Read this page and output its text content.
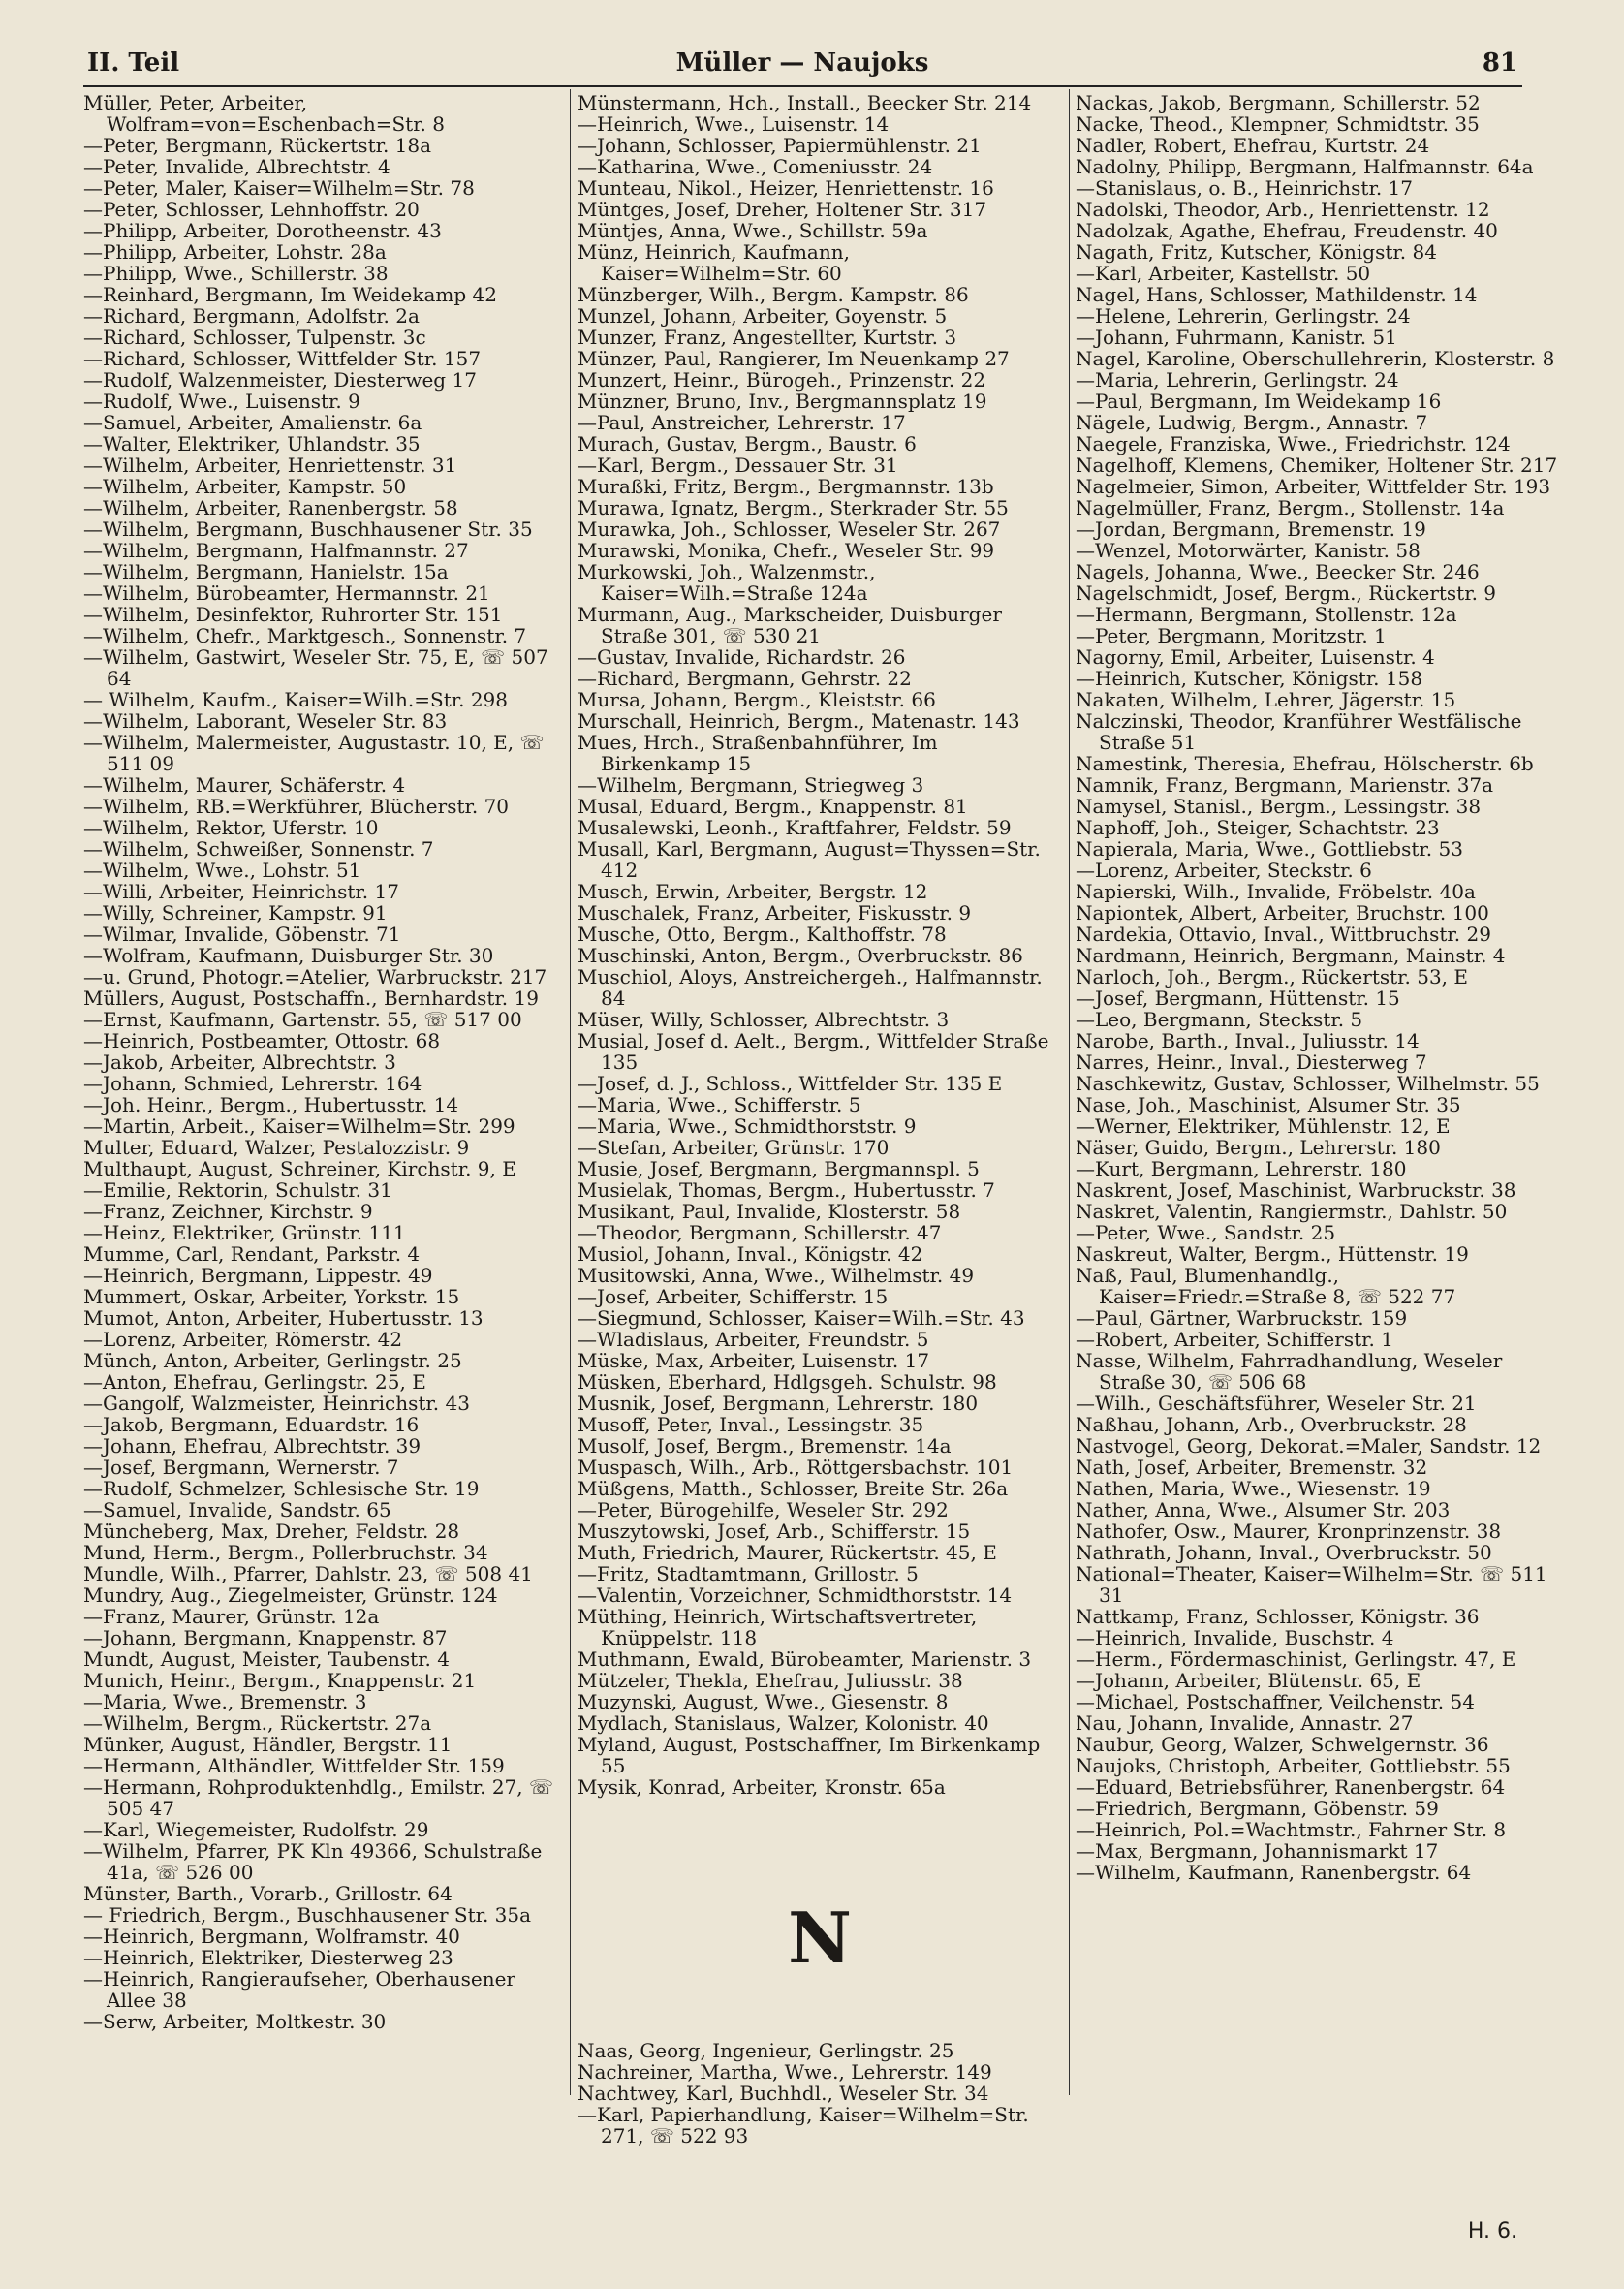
II. Teil	Müller — Naujoks	81

Müller, Peter, Arbeiter, Wolfram=von=Eschenbach=Str. 8

—Peter, Bergmann, Rückertstr. 18a

—Peter, Invalide, Albrechtstr. 4

—Peter, Maler, Kaiser=Wilhelm=Str. 78

—Peter, Schlosser, Lehnhoffstr. 20

—Philipp, Arbeiter, Dorotheenstr. 43

—Philipp, Arbeiter, Lohstr. 28a

—Philipp, Wwe., Schillerstr. 38

—Reinhard, Bergmann, Im Weidekamp 42

—Richard, Bergmann, Adolfstr. 2a

—Richard, Schlosser, Tulpenstr. 3c

—Richard, Schlosser, Wittfelder Str. 157

—Rudolf, Walzenmeister, Diesterweg 17

—Rudolf, Wwe., Luisenstr. 9

—Samuel, Arbeiter, Amalienstr. 6a

—Walter, Elektriker, Uhlandstr. 35

—Wilhelm, Arbeiter, Henriettenstr. 31

—Wilhelm, Arbeiter, Kampstr. 50

—Wilhelm, Arbeiter, Ranenbergstr. 58

—Wilhelm, Bergmann, Buschhausener Str. 35

—Wilhelm, Bergmann, Halfmannstr. 27

—Wilhelm, Bergmann, Hanielstr. 15a

—Wilhelm, Bürobeamter, Hermannstr. 21

—Wilhelm, Desinfektor, Ruhrorter Str. 151

—Wilhelm, Chefr., Marktgesch., Sonnenstr. 7

—Wilhelm, Gastwirt, Weseler Str. 75, E, ☏ 507 64

— Wilhelm, Kaufm., Kaiser=Wilh.=Str. 298

—Wilhelm, Laborant, Weseler Str. 83

—Wilhelm, Malermeister, Augustastr. 10, E, ☏ 511 09

—Wilhelm, Maurer, Schäferstr. 4

—Wilhelm, RB.=Werkführer, Blücherstr. 70

—Wilhelm, Rektor, Uferstr. 10

—Wilhelm, Schweißer, Sonnenstr. 7

—Wilhelm, Wwe., Lohstr. 51

—Willi, Arbeiter, Heinrichstr. 17

—Willy, Schreiner, Kampstr. 91

—Wilmar, Invalide, Göbenstr. 71

—Wolfram, Kaufmann, Duisburger Str. 30

—u. Grund, Photogr.=Atelier, Warbruckstr. 217

Müllers, August, Postschaffn., Bernhardstr. 19

—Ernst, Kaufmann, Gartenstr. 55, ☏ 517 00

—Heinrich, Postbeamter, Ottostr. 68

—Jakob, Arbeiter, Albrechtstr. 3

—Johann, Schmied, Lehrerstr. 164

—Joh. Heinr., Bergm., Hubertusstr. 14

—Martin, Arbeit., Kaiser=Wilhelm=Str. 299

Multer, Eduard, Walzer, Pestalozzistr. 9

Multhaupt, August, Schreiner, Kirchstr. 9, E

—Emilie, Rektorin, Schulstr. 31

—Franz, Zeichner, Kirchstr. 9

—Heinz, Elektriker, Grünstr. 111

Mumme, Carl, Rendant, Parkstr. 4

—Heinrich, Bergmann, Lippestr. 49

Mummert, Oskar, Arbeiter, Yorkstr. 15

Mumot, Anton, Arbeiter, Hubertusstr. 13

—Lorenz, Arbeiter, Römerstr. 42

Münch, Anton, Arbeiter, Gerlingstr. 25

—Anton, Ehefrau, Gerlingstr. 25, E

—Gangolf, Walzmeister, Heinrichstr. 43

—Jakob, Bergmann, Eduardstr. 16

—Johann, Ehefrau, Albrechtstr. 39

—Josef, Bergmann, Wernerstr. 7

—Rudolf, Schmelzer, Schlesische Str. 19

—Samuel, Invalide, Sandstr. 65

Müncheberg, Max, Dreher, Feldstr. 28

Mund, Herm., Bergm., Pollerbruchstr. 34

Mundle, Wilh., Pfarrer, Dahlstr. 23, ☏ 508 41

Mundry, Aug., Ziegelmeister, Grünstr. 124

—Franz, Maurer, Grünstr. 12a

—Johann, Bergmann, Knappenstr. 87

Mundt, August, Meister, Taubenstr. 4

Munich, Heinr., Bergm., Knappenstr. 21

—Maria, Wwe., Bremenstr. 3

—Wilhelm, Bergm., Rückertstr. 27a

Münker, August, Händler, Bergstr. 11

—Hermann, Althändler, Wittfelder Str. 159

—Hermann, Rohproduktenhdlg., Emilstr. 27, ☏ 505 47

—Karl, Wiegemeister, Rudolfstr. 29

—Wilhelm, Pfarrer, PK Kln 49366, Schulstraße 41a, ☏ 526 00

Münster, Barth., Vorarb., Grillostr. 64

— Friedrich, Bergm., Buschhausener Str. 35a

—Heinrich, Bergmann, Wolframstr. 40

—Heinrich, Elektriker, Diesterweg 23

—Heinrich, Rangieraufseher, Oberhausener Allee 38

—Serw, Arbeiter, Moltkestr. 30

Münstermann, Hch., Install., Beecker Str. 214

—Heinrich, Wwe., Luisenstr. 14

—Johann, Schlosser, Papiermühlenstr. 21

—Katharina, Wwe., Comeniusstr. 24

Munteau, Nikol., Heizer, Henriettenstr. 16

Müntges, Josef, Dreher, Holtener Str. 317

Müntjes, Anna, Wwe., Schillstr. 59a

Münz, Heinrich, Kaufmann, Kaiser=Wilhelm=Str. 60

Münzberger, Wilh., Bergm. Kampstr. 86

Munzel, Johann, Arbeiter, Goyenstr. 5

Munzer, Franz, Angestellter, Kurtstr. 3

Münzer, Paul, Rangierer, Im Neuenkamp 27

Munzert, Heinr., Bürogeh., Prinzenstr. 22

Münzner, Bruno, Inv., Bergmannsplatz 19

—Paul, Anstreicher, Lehrerstr. 17

Murach, Gustav, Bergm., Baustr. 6

—Karl, Bergm., Dessauer Str. 31

Muraßki, Fritz, Bergm., Bergmannstr. 13b

Murawa, Ignatz, Bergm., Sterkrader Str. 55

Murawka, Joh., Schlosser, Weseler Str. 267

Murawski, Monika, Chefr., Weseler Str. 99

Murkowski, Joh., Walzenmstr., Kaiser=Wilh.=Straße 124a

Murmann, Aug., Markscheider, Duisburger Straße 301, ☏ 530 21

—Gustav, Invalide, Richardstr. 26

—Richard, Bergmann, Gehrstr. 22

Mursa, Johann, Bergm., Kleiststr. 66

Murschall, Heinrich, Bergm., Matenastr. 143

Mues, Hrch., Straßenbahnführer, Im Birkenkamp 15

—Wilhelm, Bergmann, Striegweg 3

Musal, Eduard, Bergm., Knappenstr. 81

Musalewski, Leonh., Kraftfahrer, Feldstr. 59

Musall, Karl, Bergmann, August=Thyssen=Str. 412

Musch, Erwin, Arbeiter, Bergstr. 12

Muschalek, Franz, Arbeiter, Fiskusstr. 9

Musche, Otto, Bergm., Kalthoffstr. 78

Muschinski, Anton, Bergm., Overbruckstr. 86

Muschiol, Aloys, Anstreichergeh., Halfmannstr. 84

Müser, Willy, Schlosser, Albrechtstr. 3

Musial, Josef d. Aelt., Bergm., Wittfelder Straße 135

—Josef, d. J., Schloss., Wittfelder Str. 135 E

—Maria, Wwe., Schifferstr. 5

—Maria, Wwe., Schmidthorststr. 9

—Stefan, Arbeiter, Grünstr. 170

Musie, Josef, Bergmann, Bergmannspl. 5

Musielak, Thomas, Bergm., Hubertusstr. 7

Musikant, Paul, Invalide, Klosterstr. 58

—Theodor, Bergmann, Schillerstr. 47

Musiol, Johann, Inval., Königstr. 42

Musitowski, Anna, Wwe., Wilhelmstr. 49

—Josef, Arbeiter, Schifferstr. 15

—Siegmund, Schlosser, Kaiser=Wilh.=Str. 43

—Wladislaus, Arbeiter, Freundstr. 5

Müske, Max, Arbeiter, Luisenstr. 17

Müsken, Eberhard, Hdlgsgeh. Schulstr. 98

Musnik, Josef, Bergmann, Lehrerstr. 180

Musoff, Peter, Inval., Lessingstr. 35

Musolf, Josef, Bergm., Bremenstr. 14a

Muspasch, Wilh., Arb., Röttgersbachstr. 101

Müßgens, Matth., Schlosser, Breite Str. 26a

—Peter, Bürogehilfe, Weseler Str. 292

Muszytowski, Josef, Arb., Schifferstr. 15

Muth, Friedrich, Maurer, Rückertstr. 45, E

—Fritz, Stadtamtmann, Grillostr. 5

—Valentin, Vorzeichner, Schmidthorststr. 14

Müthing, Heinrich, Wirtschaftsvertreter, Knüppelstr. 118

Muthmann, Ewald, Bürobeamter, Marienstr. 3

Mützeler, Thekla, Ehefrau, Juliusstr. 38

Muzynski, August, Wwe., Giesenstr. 8

Mydlach, Stanislaus, Walzer, Kolonistr. 40

Myland, August, Postschaffner, Im Birkenkamp 55

Mysik, Konrad, Arbeiter, Kronstr. 65a

N

Naas, Georg, Ingenieur, Gerlingstr. 25

Nachreiner, Martha, Wwe., Lehrerstr. 149

Nachtwey, Karl, Buchhdl., Weseler Str. 34

—Karl, Papierhandlung, Kaiser=Wilhelm=Str. 271, ☏ 522 93

Nackas, Jakob, Bergmann, Schillerstr. 52

Nacke, Theod., Klempner, Schmidtstr. 35

Nadler, Robert, Ehefrau, Kurtstr. 24

Nadolny, Philipp, Bergmann, Halfmannstr. 64a

—Stanislaus, o. B., Heinrichstr. 17

Nadolski, Theodor, Arb., Henriettenstr. 12

Nadolzak, Agathe, Ehefrau, Freudenstr. 40

Nagath, Fritz, Kutscher, Königstr. 84

—Karl, Arbeiter, Kastellstr. 50

Nagel, Hans, Schlosser, Mathildenstr. 14

—Helene, Lehrerin, Gerlingstr. 24

—Johann, Fuhrmann, Kanistr. 51

Nagel, Karoline, Oberschullehrerin, Klosterstr. 8

—Maria, Lehrerin, Gerlingstr. 24

—Paul, Bergmann, Im Weidekamp 16

Nägele, Ludwig, Bergm., Annastr. 7

Naegele, Franziska, Wwe., Friedrichstr. 124

Nagelhoff, Klemens, Chemiker, Holtener Str. 217

Nagelmeier, Simon, Arbeiter, Wittfelder Str. 193

Nagelmüller, Franz, Bergm., Stollenstr. 14a

—Jordan, Bergmann, Bremenstr. 19

—Wenzel, Motorwärter, Kanistr. 58

Nagels, Johanna, Wwe., Beecker Str. 246

Nagelschmidt, Josef, Bergm., Rückertstr. 9

—Hermann, Bergmann, Stollenstr. 12a

—Peter, Bergmann, Moritzstr. 1

Nagorny, Emil, Arbeiter, Luisenstr. 4

—Heinrich, Kutscher, Königstr. 158

Nakaten, Wilhelm, Lehrer, Jägerstr. 15

Nalczinski, Theodor, Kranführer Westfälische Straße 51

Namestink, Theresia, Ehefrau, Hölscherstr. 6b

Namnik, Franz, Bergmann, Marienstr. 37a

Namysel, Stanisl., Bergm., Lessingstr. 38

Naphoff, Joh., Steiger, Schachtstr. 23

Napierala, Maria, Wwe., Gottliebstr. 53

—Lorenz, Arbeiter, Steckstr. 6

Napierski, Wilh., Invalide, Fröbelstr. 40a

Napiontek, Albert, Arbeiter, Bruchstr. 100

Nardekia, Ottavio, Inval., Wittbruchstr. 29

Nardmann, Heinrich, Bergmann, Mainstr. 4

Narloch, Joh., Bergm., Rückertstr. 53, E

—Josef, Bergmann, Hüttenstr. 15

—Leo, Bergmann, Steckstr. 5

Narobe, Barth., Inval., Juliusstr. 14

Narres, Heinr., Inval., Diesterweg 7

Naschkewitz, Gustav, Schlosser, Wilhelmstr. 55

Nase, Joh., Maschinist, Alsumer Str. 35

—Werner, Elektriker, Mühlenstr. 12, E

Näser, Guido, Bergm., Lehrerstr. 180

—Kurt, Bergmann, Lehrerstr. 180

Naskrent, Josef, Maschinist, Warbruckstr. 38

Naskret, Valentin, Rangiermstr., Dahlstr. 50

—Peter, Wwe., Sandstr. 25

Naskreut, Walter, Bergm., Hüttenstr. 19

Naß, Paul, Blumenhandlg., Kaiser=Friedr.=Straße 8, ☏ 522 77

—Paul, Gärtner, Warbruckstr. 159

—Robert, Arbeiter, Schifferstr. 1

Nasse, Wilhelm, Fahrradhandlung, Weseler Straße 30, ☏ 506 68

—Wilh., Geschäftsführer, Weseler Str. 21

Naßhau, Johann, Arb., Overbruckstr. 28

Nastvogel, Georg, Dekorat.=Maler, Sandstr. 12

Nath, Josef, Arbeiter, Bremenstr. 32

Nathen, Maria, Wwe., Wiesenstr. 19

Nather, Anna, Wwe., Alsumer Str. 203

Nathofer, Osw., Maurer, Kronprinzenstr. 38

Nathrath, Johann, Inval., Overbruckstr. 50

National=Theater, Kaiser=Wilhelm=Str. ☏ 511 31

Nattkamp, Franz, Schlosser, Königstr. 36

—Heinrich, Invalide, Buschstr. 4

—Herm., Fördermaschinist, Gerlingstr. 47, E

—Johann, Arbeiter, Blütenstr. 65, E

—Michael, Postschaffner, Veilchenstr. 54

Nau, Johann, Invalide, Annastr. 27

Naubur, Georg, Walzer, Schwelgernstr. 36

Naujoks, Christoph, Arbeiter, Gottliebstr. 55

—Eduard, Betriebsführer, Ranenbergstr. 64

—Friedrich, Bergmann, Göbenstr. 59

—Heinrich, Pol.=Wachtmstr., Fahrner Str. 8

—Max, Bergmann, Johannismarkt 17

—Wilhelm, Kaufmann, Ranenbergstr. 64

H. 6.
